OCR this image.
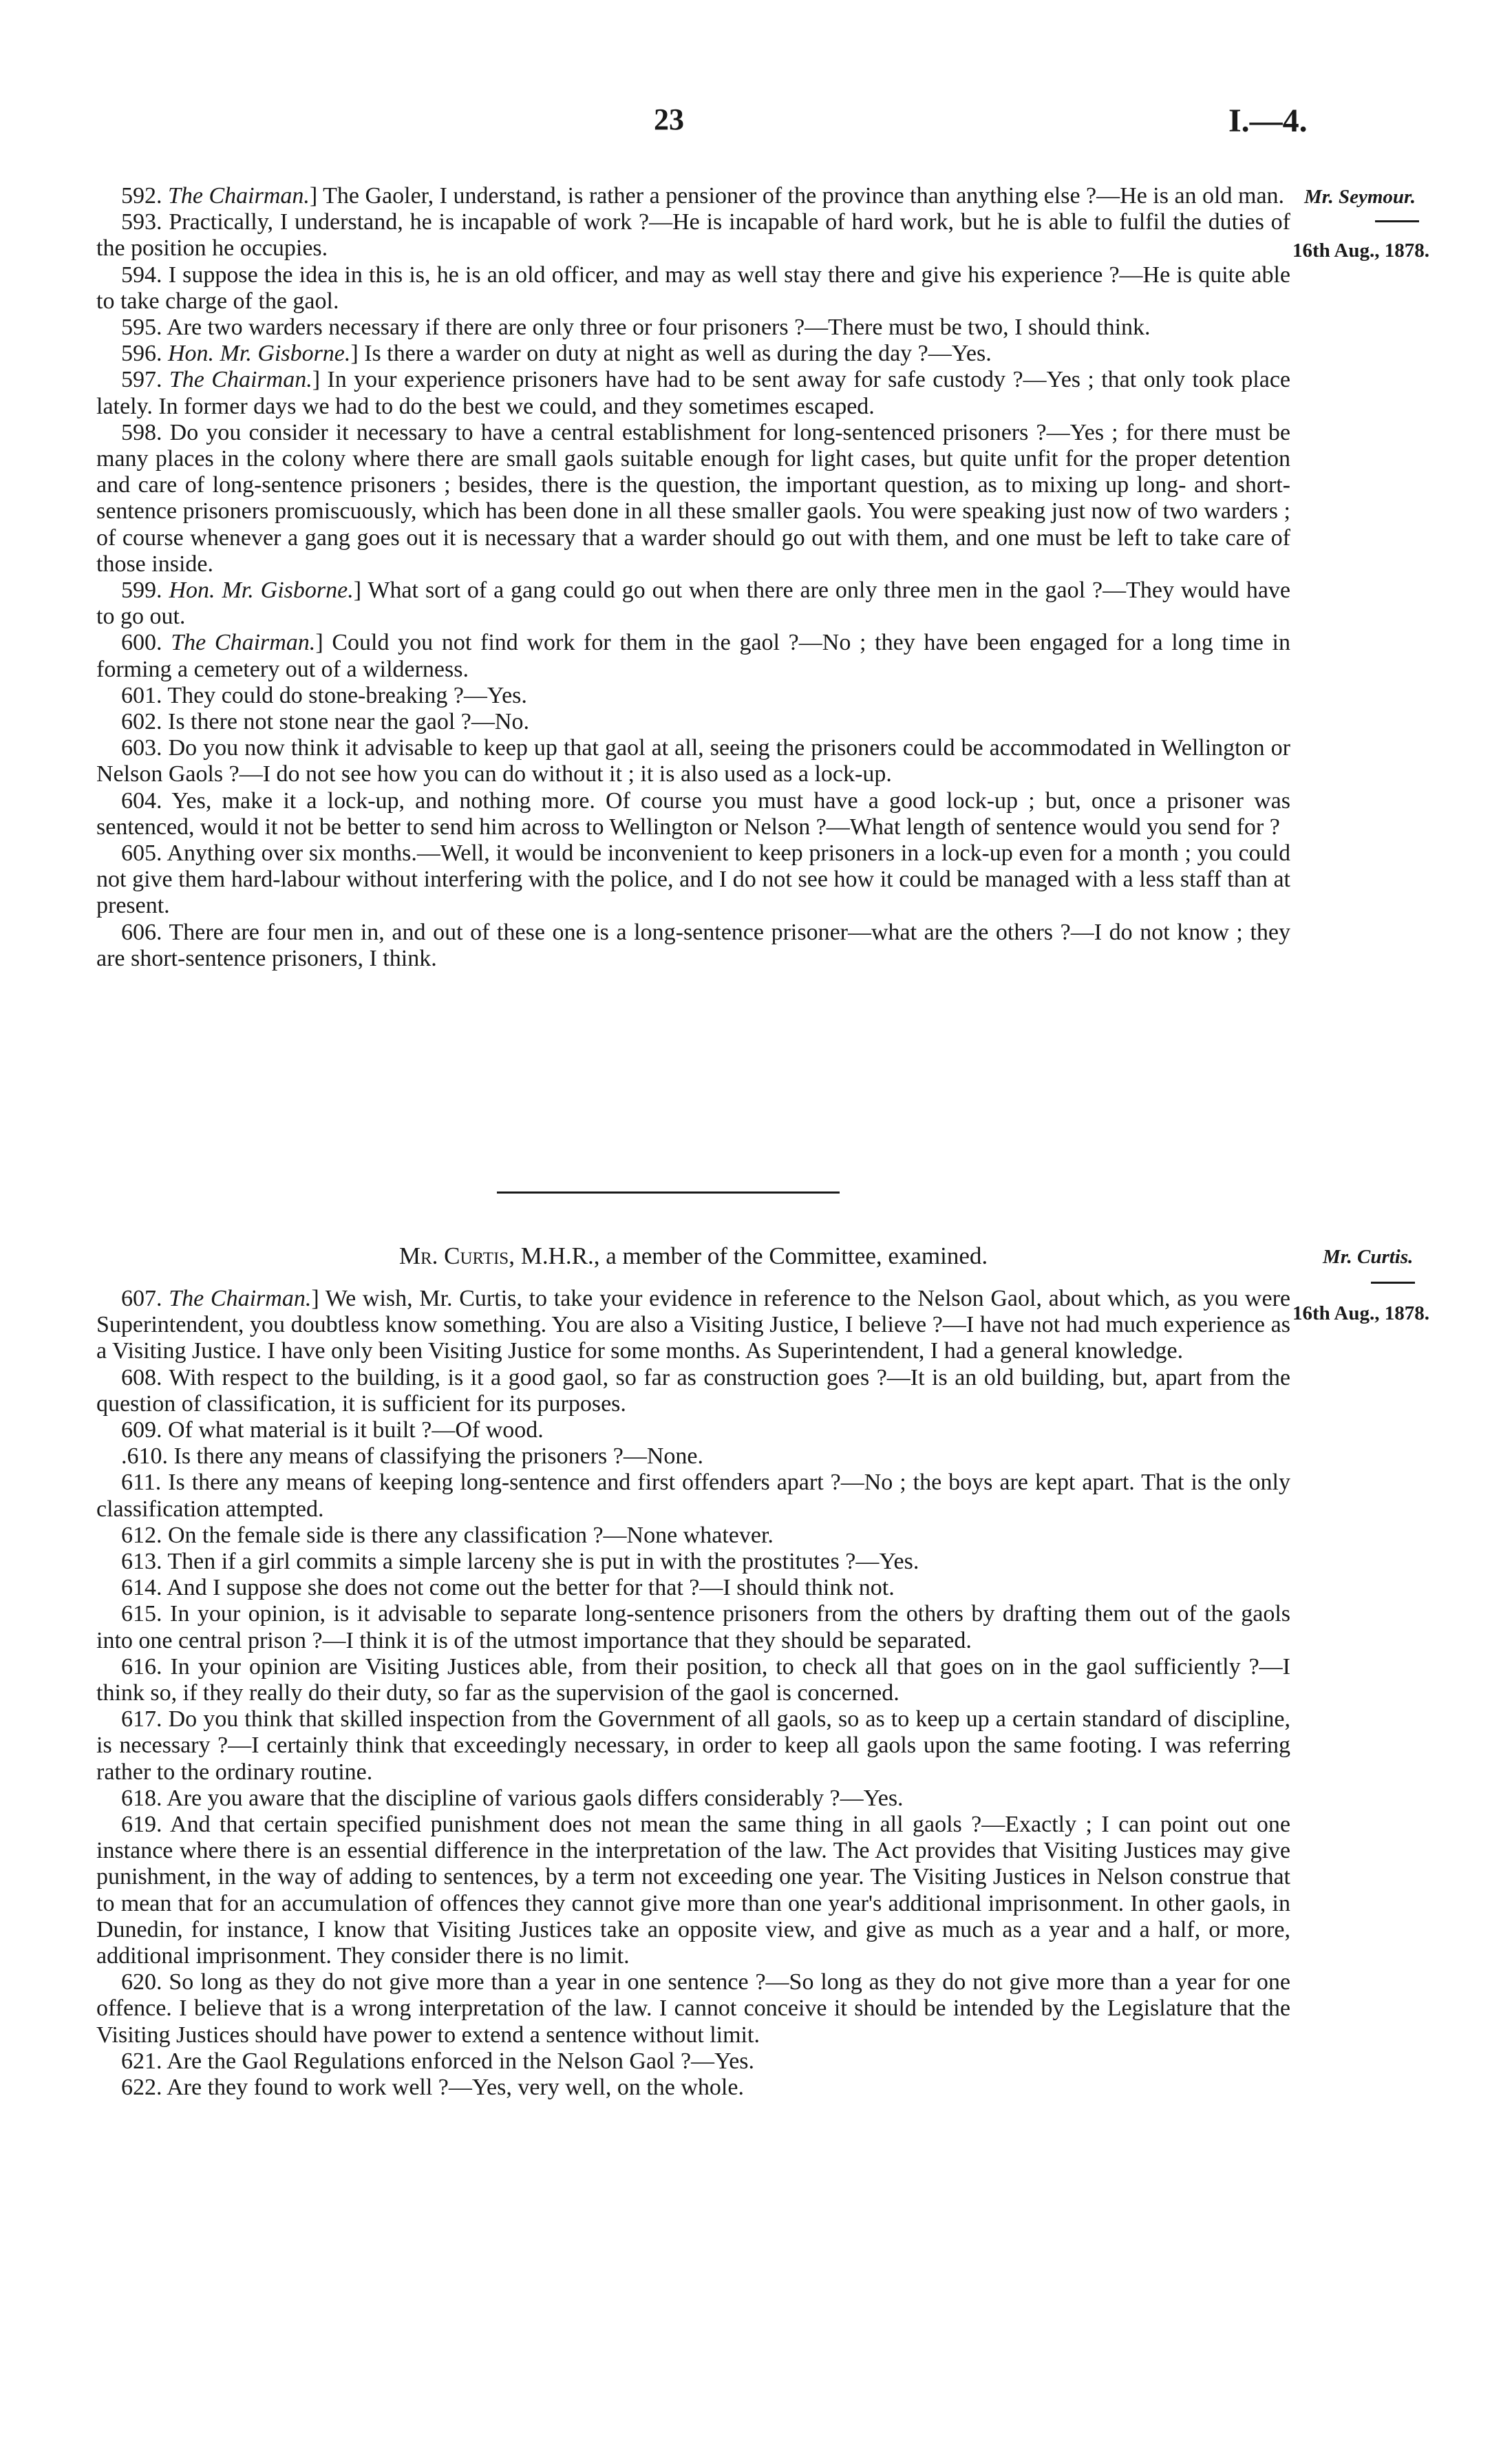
23	I.—4.
Mr. Seymour.
16th Aug., 1878.
Mr. Curtis.
16th Aug., 1878.

592. The Chairman.] The Gaoler, I understand, is rather a pensioner of the province than anything else ?—He is an old man.

593. Practically, I understand, he is incapable of work ?—He is incapable of hard work, but he is able to fulfil the duties of the position he occupies.

594. I suppose the idea in this is, he is an old officer, and may as well stay there and give his experience ?—He is quite able to take charge of the gaol.

595. Are two warders necessary if there are only three or four prisoners ?—There must be two, I should think.

596. Hon. Mr. Gisborne.] Is there a warder on duty at night as well as during the day ?—Yes.

597. The Chairman.] In your experience prisoners have had to be sent away for safe custody ?—Yes ; that only took place lately. In former days we had to do the best we could, and they sometimes escaped.

598. Do you consider it necessary to have a central establishment for long-sentenced prisoners ?—Yes ; for there must be many places in the colony where there are small gaols suitable enough for light cases, but quite unfit for the proper detention and care of long-sentence prisoners ; besides, there is the question, the important question, as to mixing up long- and short-sentence prisoners promiscuously, which has been done in all these smaller gaols. You were speaking just now of two warders ; of course whenever a gang goes out it is necessary that a warder should go out with them, and one must be left to take care of those inside.

599. Hon. Mr. Gisborne.] What sort of a gang could go out when there are only three men in the gaol ?—They would have to go out.

600. The Chairman.] Could you not find work for them in the gaol ?—No ; they have been engaged for a long time in forming a cemetery out of a wilderness.

601. They could do stone-breaking ?—Yes.

602. Is there not stone near the gaol ?—No.

603. Do you now think it advisable to keep up that gaol at all, seeing the prisoners could be accommodated in Wellington or Nelson Gaols ?—I do not see how you can do without it ; it is also used as a lock-up.

604. Yes, make it a lock-up, and nothing more. Of course you must have a good lock-up ; but, once a prisoner was sentenced, would it not be better to send him across to Wellington or Nelson ?—What length of sentence would you send for ?

605. Anything over six months.—Well, it would be inconvenient to keep prisoners in a lock-up even for a month ; you could not give them hard-labour without interfering with the police, and I do not see how it could be managed with a less staff than at present.

606. There are four men in, and out of these one is a long-sentence prisoner—what are the others ?—I do not know ; they are short-sentence prisoners, I think.

Mr. Curtis, M.H.R., a member of the Committee, examined.

607. The Chairman.] We wish, Mr. Curtis, to take your evidence in reference to the Nelson Gaol, about which, as you were Superintendent, you doubtless know something. You are also a Visiting Justice, I believe ?—I have not had much experience as a Visiting Justice. I have only been Visiting Justice for some months. As Superintendent, I had a general knowledge.

608. With respect to the building, is it a good gaol, so far as construction goes ?—It is an old building, but, apart from the question of classification, it is sufficient for its purposes.

609. Of what material is it built ?—Of wood.

.610. Is there any means of classifying the prisoners ?—None.

611. Is there any means of keeping long-sentence and first offenders apart ?—No ; the boys are kept apart. That is the only classification attempted.

612. On the female side is there any classification ?—None whatever.

613. Then if a girl commits a simple larceny she is put in with the prostitutes ?—Yes.

614. And I suppose she does not come out the better for that ?—I should think not.

615. In your opinion, is it advisable to separate long-sentence prisoners from the others by drafting them out of the gaols into one central prison ?—I think it is of the utmost importance that they should be separated.

616. In your opinion are Visiting Justices able, from their position, to check all that goes on in the gaol sufficiently ?—I think so, if they really do their duty, so far as the supervision of the gaol is concerned.

617. Do you think that skilled inspection from the Government of all gaols, so as to keep up a certain standard of discipline, is necessary ?—I certainly think that exceedingly necessary, in order to keep all gaols upon the same footing. I was referring rather to the ordinary routine.

618. Are you aware that the discipline of various gaols differs considerably ?—Yes.

619. And that certain specified punishment does not mean the same thing in all gaols ?—Exactly ; I can point out one instance where there is an essential difference in the interpretation of the law. The Act provides that Visiting Justices may give punishment, in the way of adding to sentences, by a term not exceeding one year. The Visiting Justices in Nelson construe that to mean that for an accumulation of offences they cannot give more than one year's additional imprisonment. In other gaols, in Dunedin, for instance, I know that Visiting Justices take an opposite view, and give as much as a year and a half, or more, additional imprisonment. They consider there is no limit.

620. So long as they do not give more than a year in one sentence ?—So long as they do not give more than a year for one offence. I believe that is a wrong interpretation of the law. I cannot conceive it should be intended by the Legislature that the Visiting Justices should have power to extend a sentence without limit.

621. Are the Gaol Regulations enforced in the Nelson Gaol ?—Yes.

622. Are they found to work well ?—Yes, very well, on the whole.
